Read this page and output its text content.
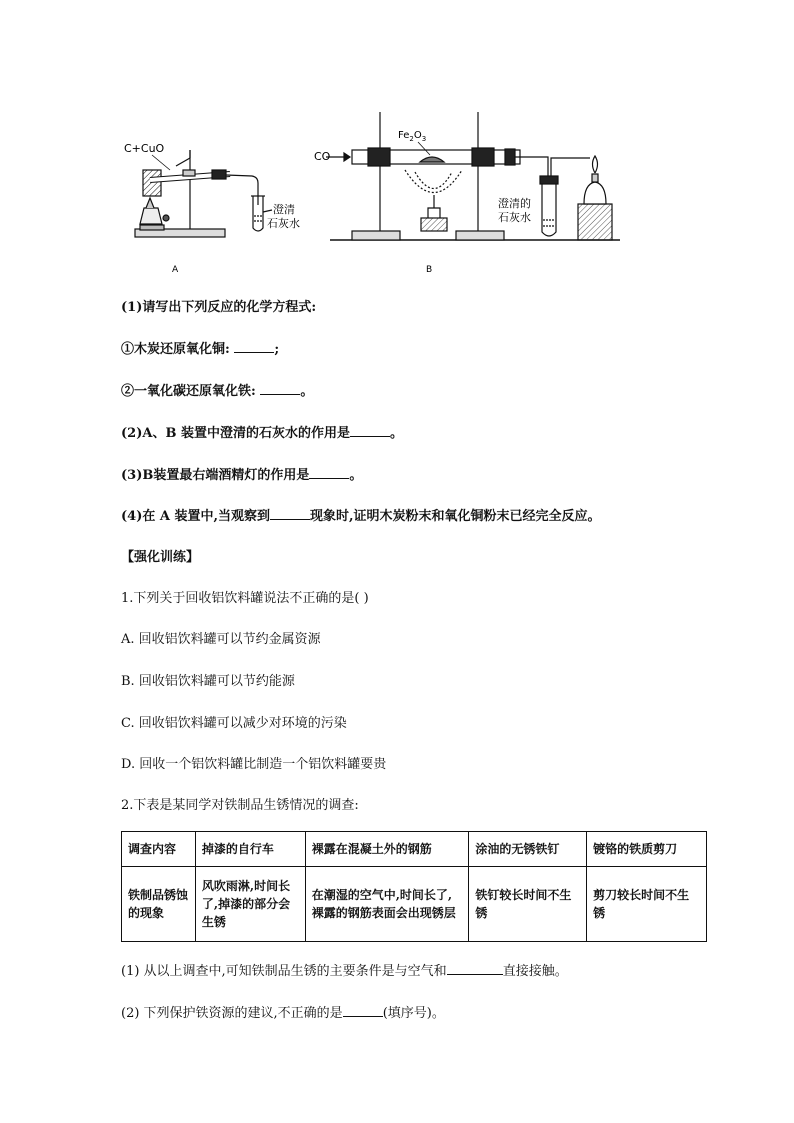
C+CuO
澄清
石灰水
A
CO
$Fe_2O_3$
澄清的
石灰水
B
(1)请写出下列反应的化学方程式:
①木炭还原氧化铜:	;
②一氧化碳还原氧化铁:	。
(2)A、B 装置中澄清的石灰水的作用是	。
(3)B装置最右端酒精灯的作用是	。
(4)在 A 装置中,当观察到	现象时,证明木炭粉末和氧化铜粉末已经完全反应。
【强化训练】
1.下列关于回收铝饮料罐说法不正确的是( )
A. 回收铝饮料罐可以节约金属资源
B. 回收铝饮料罐可以节约能源
C. 回收铝饮料罐可以减少对环境的污染
D. 回收一个铝饮料罐比制造一个铝饮料罐要贵
2.下表是某同学对铁制品生锈情况的调查:
调查内容	掉漆的自行车	裸露在混凝土外的钢筋	涂油的无锈铁钉	镀铬的铁质剪刀
铁制品锈蚀的现象	风吹雨淋,时间长了,掉漆的部分会生锈	在潮湿的空气中,时间长了,裸露的钢筋表面会出现锈层	铁钉较长时间不生锈	剪刀较长时间不生锈
(1) 从以上调查中,可知铁制品生锈的主要条件是与空气和	直接接触。
(2) 下列保护铁资源的建议,不正确的是	(填序号)。
